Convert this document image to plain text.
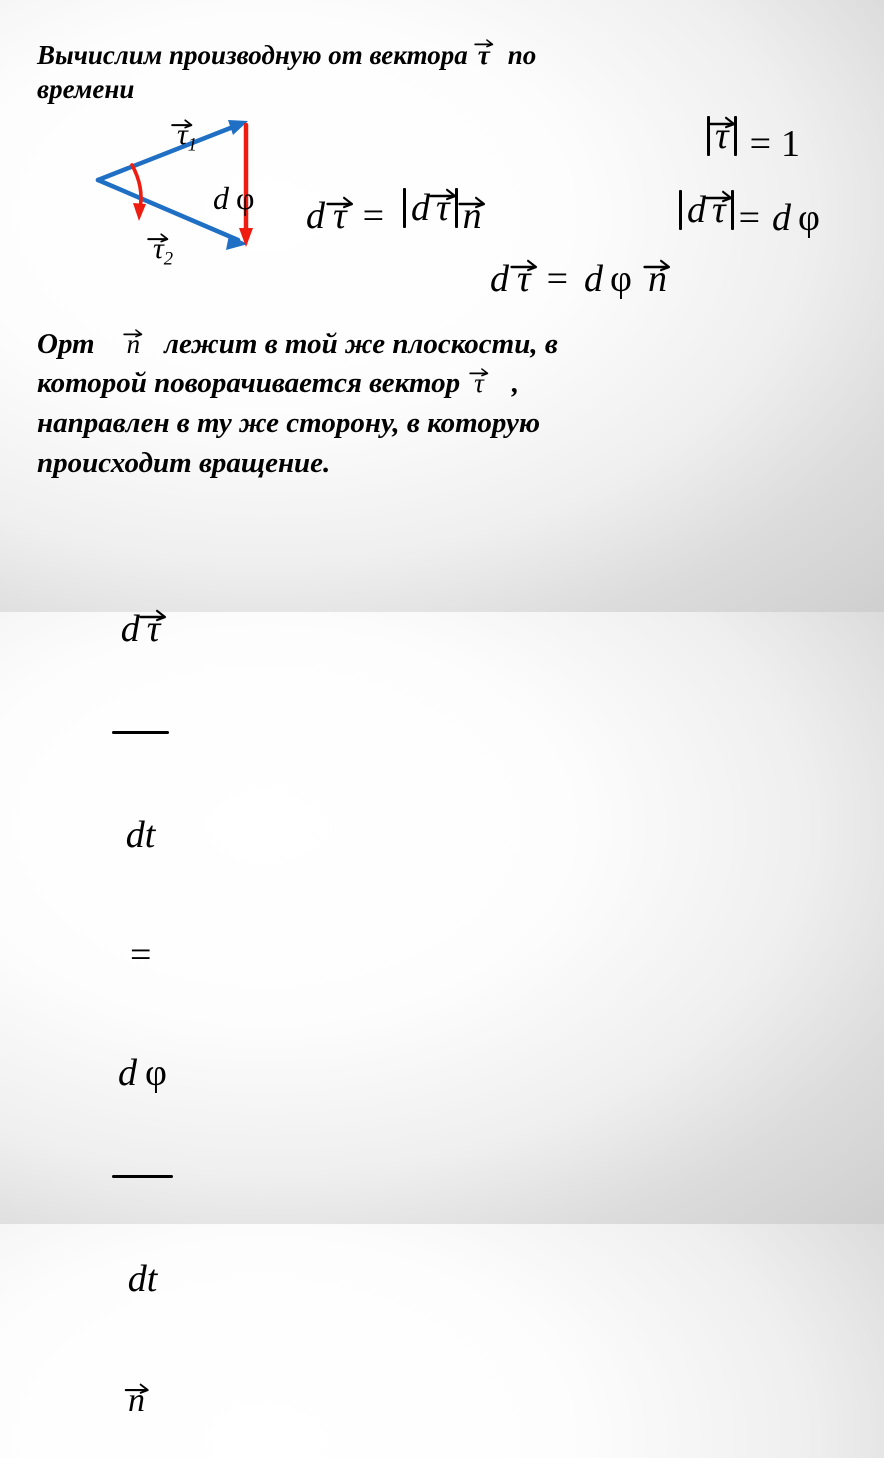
Вычислим производную от вектора τ по

времени

$\tau_1$

$\tau_2$

d φ
	d τ = d τ n

τ = 1

d τ = d φ

d τ = d φ n

Орт n лежит в той же плоскости, в

которой поворачивается вектор τ ,

направлен в ту же сторону, в которую

происходит вращение.

$\frac{\text{d τ}}{dt}$

=

$\frac{\text{d φ}}{dt}$

n
